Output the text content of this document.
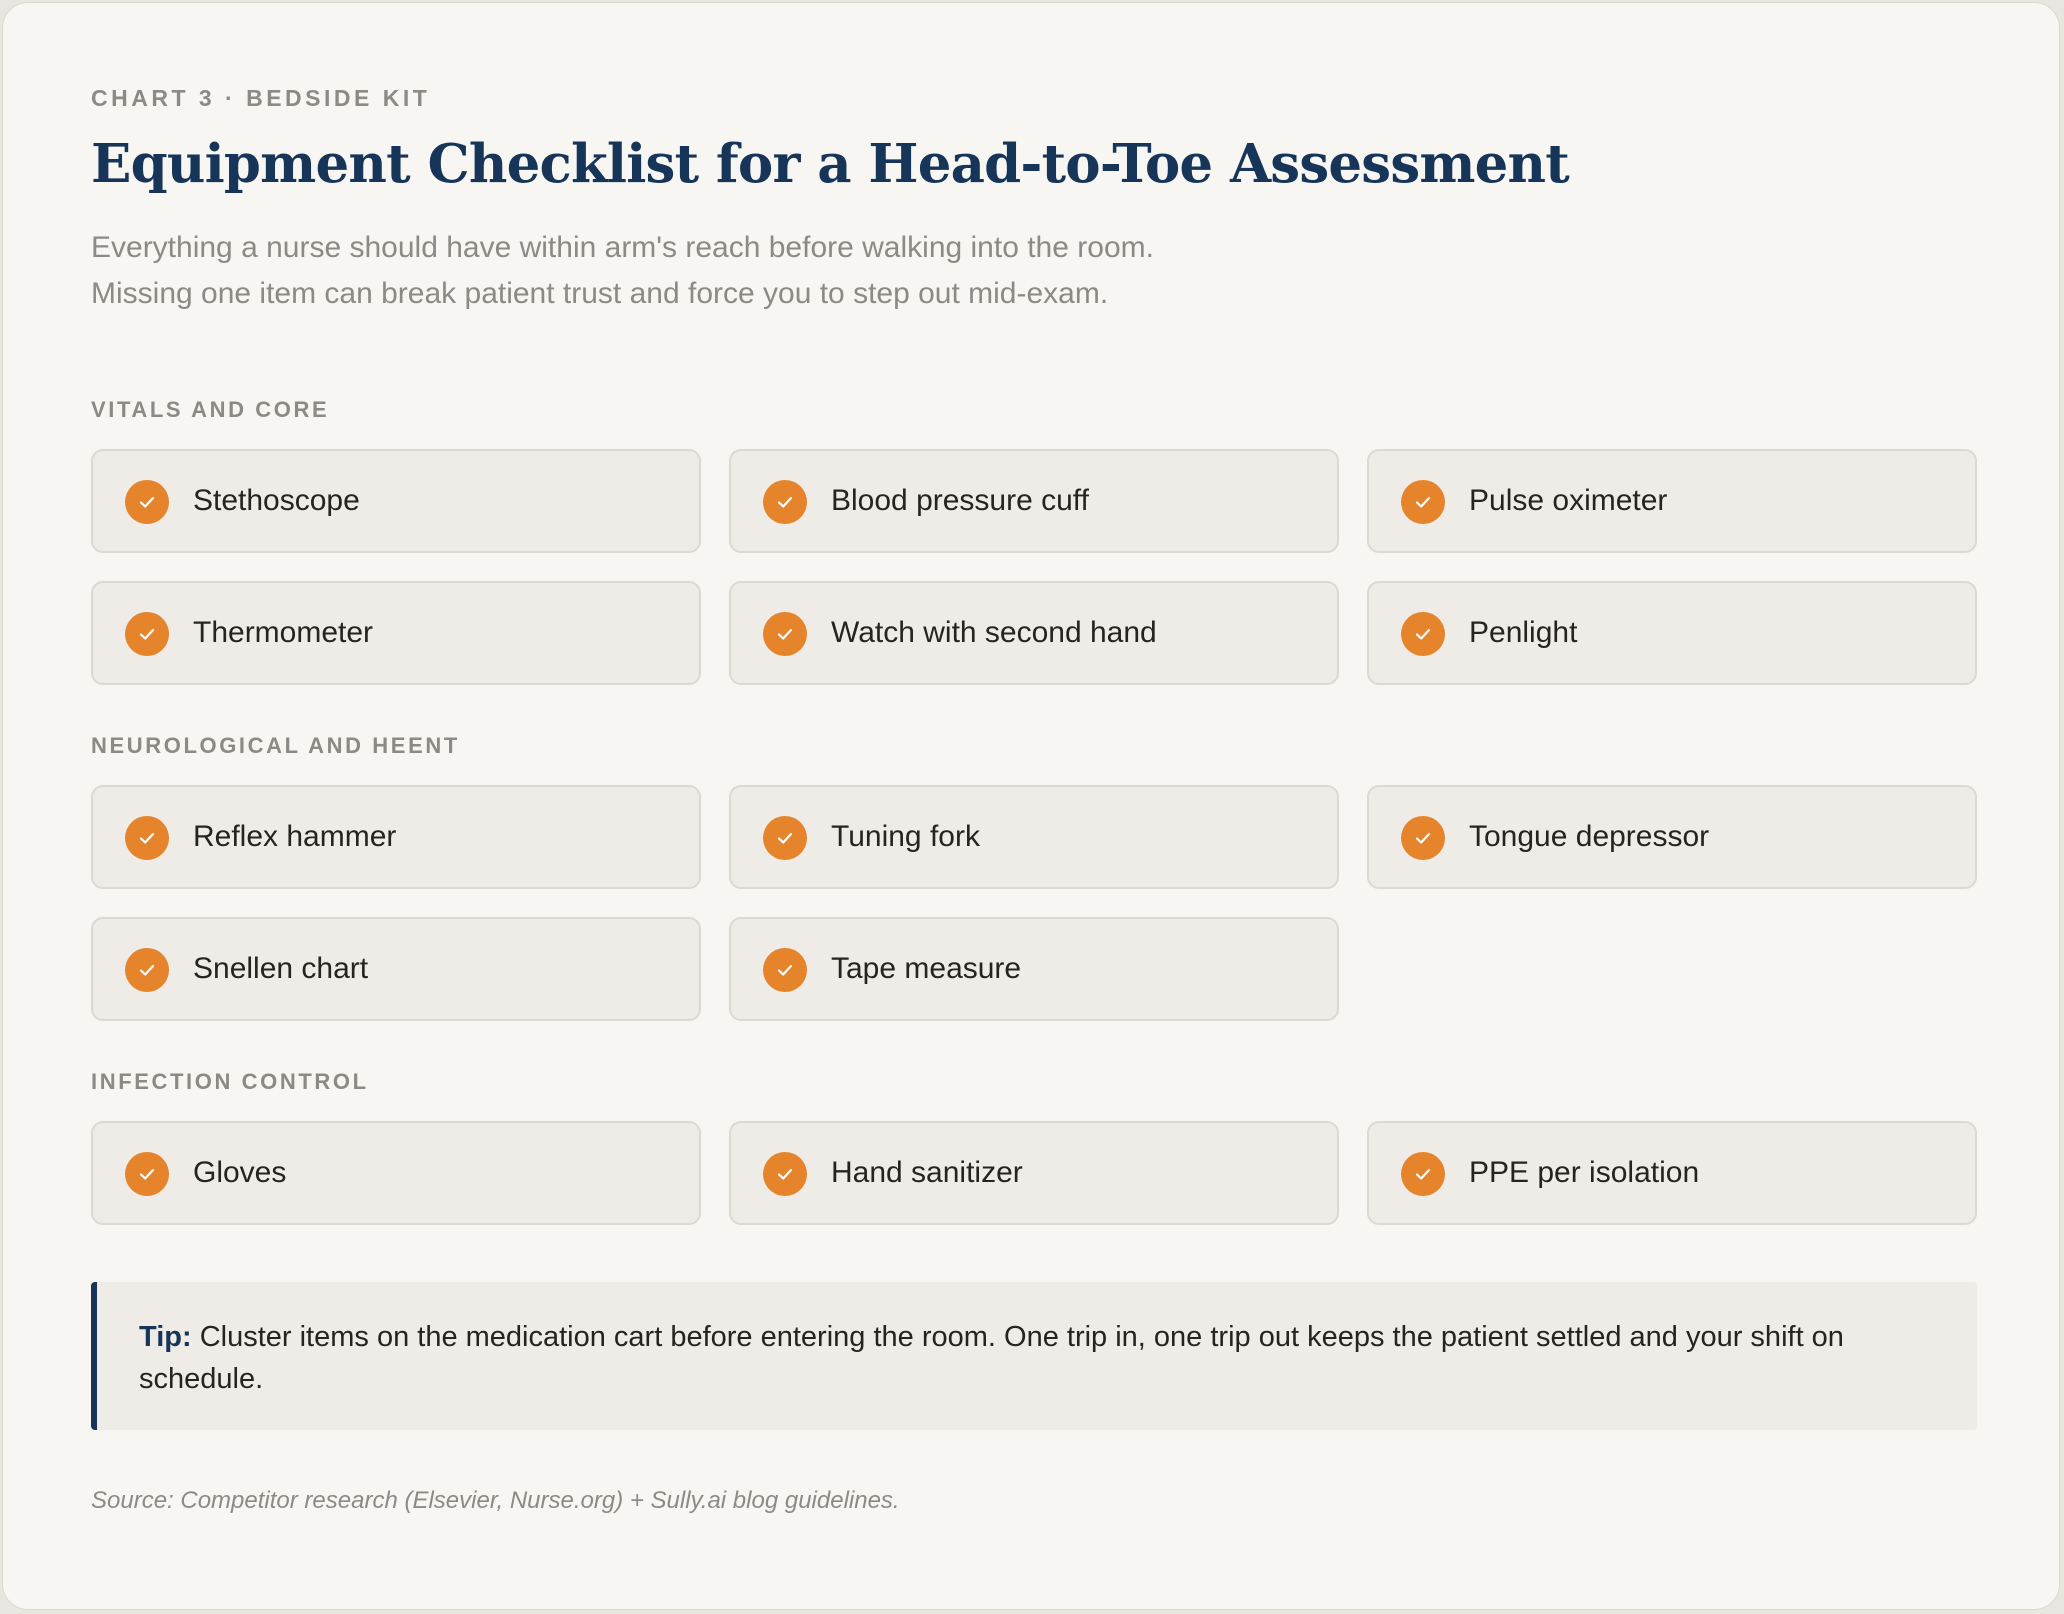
CHART 3 · BEDSIDE KIT
Equipment Checklist for a Head-to-Toe Assessment
Everything a nurse should have within arm's reach before walking into the room.
Missing one item can break patient trust and force you to step out mid-exam.
VITALS AND CORE
Stethoscope	Blood pressure cuff	Pulse oximeter
Thermometer	Watch with second hand	Penlight
NEUROLOGICAL AND HEENT
Reflex hammer	Tuning fork	Tongue depressor
Snellen chart	Tape measure
INFECTION CONTROL
Gloves	Hand sanitizer	PPE per isolation
Tip: Cluster items on the medication cart before entering the room. One trip in, one trip out keeps the patient settled and your shift on schedule.
Source: Competitor research (Elsevier, Nurse.org) + Sully.ai blog guidelines.
